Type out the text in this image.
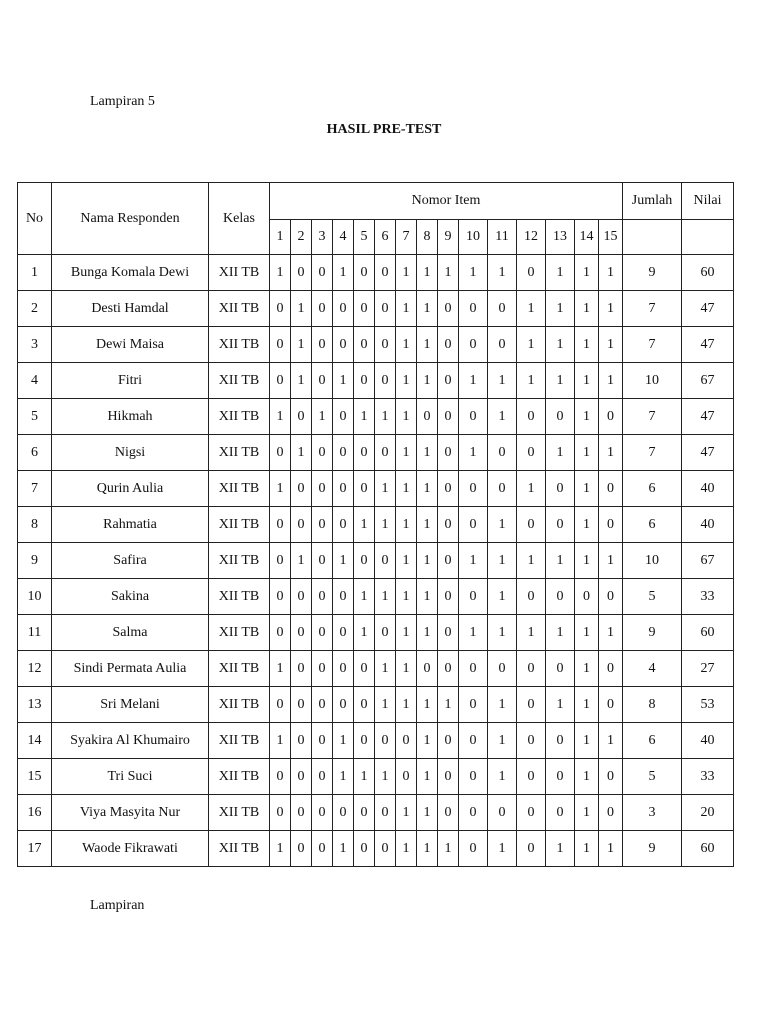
Lampiran 5
HASIL PRE-TEST
No	Nama Responden	Kelas	Nomor Item															Jumlah	Nilai
			1	2	3	4	5	6	7	8	9	10	11	12	13	14	15		
1	Bunga Komala Dewi	XII TB	1	0	0	1	0	0	1	1	1	1	1	0	1	1	1	9	60
2	Desti Hamdal	XII TB	0	1	0	0	0	0	1	1	0	0	0	1	1	1	1	7	47
3	Dewi Maisa	XII TB	0	1	0	0	0	0	1	1	0	0	0	1	1	1	1	7	47
4	Fitri	XII TB	0	1	0	1	0	0	1	1	0	1	1	1	1	1	1	10	67
5	Hikmah	XII TB	1	0	1	0	1	1	1	0	0	0	1	0	0	1	0	7	47
6	Nigsi	XII TB	0	1	0	0	0	0	1	1	0	1	0	0	1	1	1	7	47
7	Qurin Aulia	XII TB	1	0	0	0	0	1	1	1	0	0	0	1	0	1	0	6	40
8	Rahmatia	XII TB	0	0	0	0	1	1	1	1	0	0	1	0	0	1	0	6	40
9	Safira	XII TB	0	1	0	1	0	0	1	1	0	1	1	1	1	1	1	10	67
10	Sakina	XII TB	0	0	0	0	1	1	1	1	0	0	1	0	0	0	0	5	33
11	Salma	XII TB	0	0	0	0	1	0	1	1	0	1	1	1	1	1	1	9	60
12	Sindi Permata Aulia	XII TB	1	0	0	0	0	1	1	0	0	0	0	0	0	1	0	4	27
13	Sri Melani	XII TB	0	0	0	0	0	1	1	1	1	0	1	0	1	1	0	8	53
14	Syakira Al Khumairo	XII TB	1	0	0	1	0	0	0	1	0	0	1	0	0	1	1	6	40
15	Tri Suci	XII TB	0	0	0	1	1	1	0	1	0	0	1	0	0	1	0	5	33
16	Viya Masyita Nur	XII TB	0	0	0	0	0	0	1	1	0	0	0	0	0	1	0	3	20
17	Waode Fikrawati	XII TB	1	0	0	1	0	0	1	1	1	0	1	0	1	1	1	9	60
Lampiran
